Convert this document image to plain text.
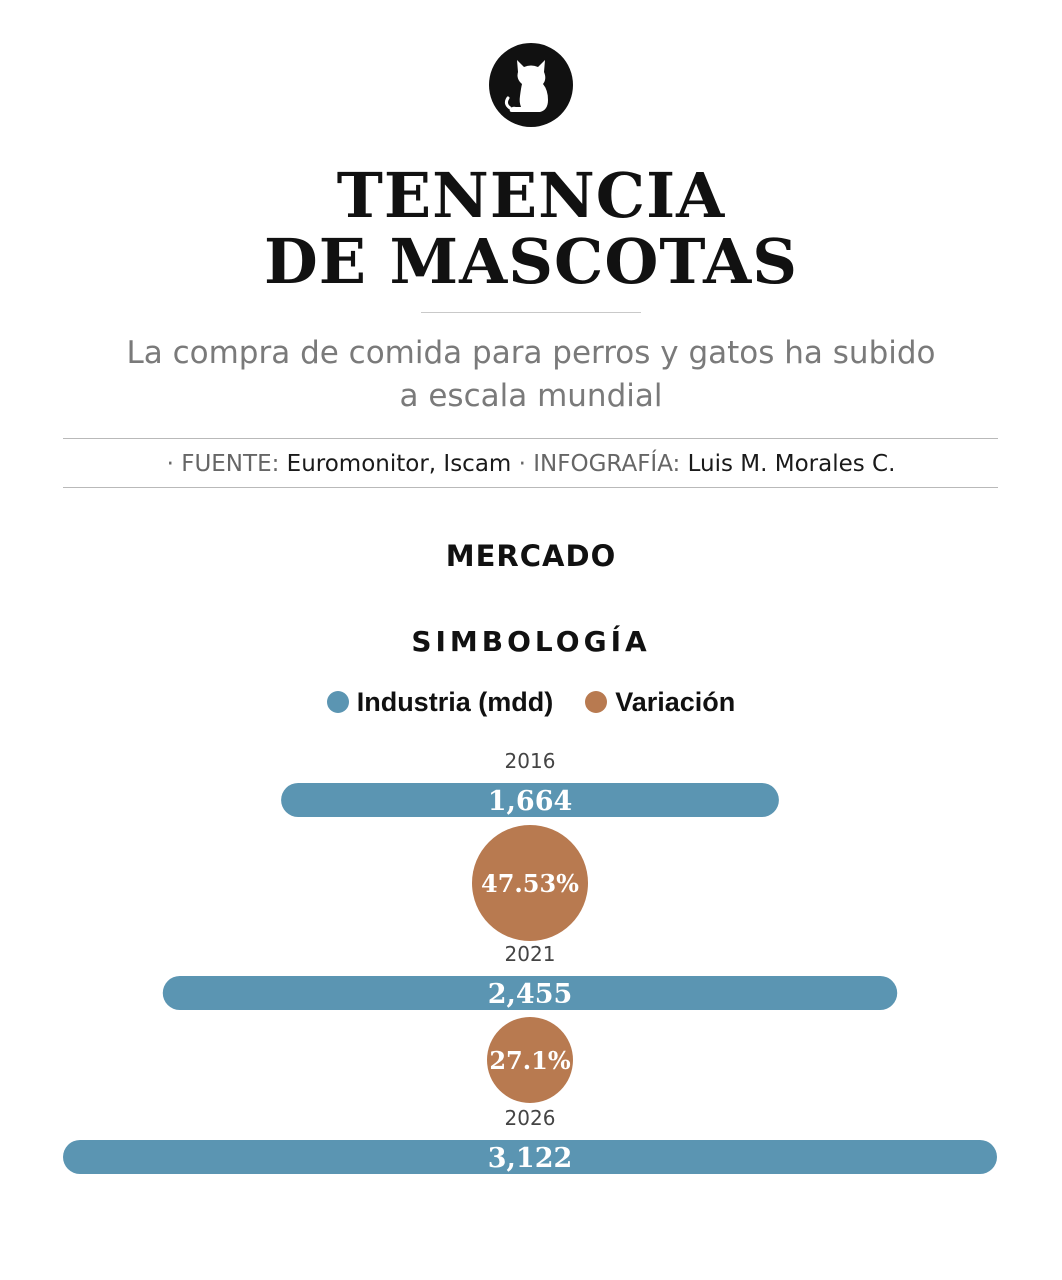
TENENCIA
DE MASCOTAS
La compra de comida para perros y gatos ha subido
a escala mundial
· FUENTE: Euromonitor, Iscam · INFOGRAFÍA: Luis M. Morales C.
MERCADO
SIMBOLOGÍA
Industria (mdd) Variación
2016
1,664
2021
2,455
2026
3,122
47.53%
27.1%
